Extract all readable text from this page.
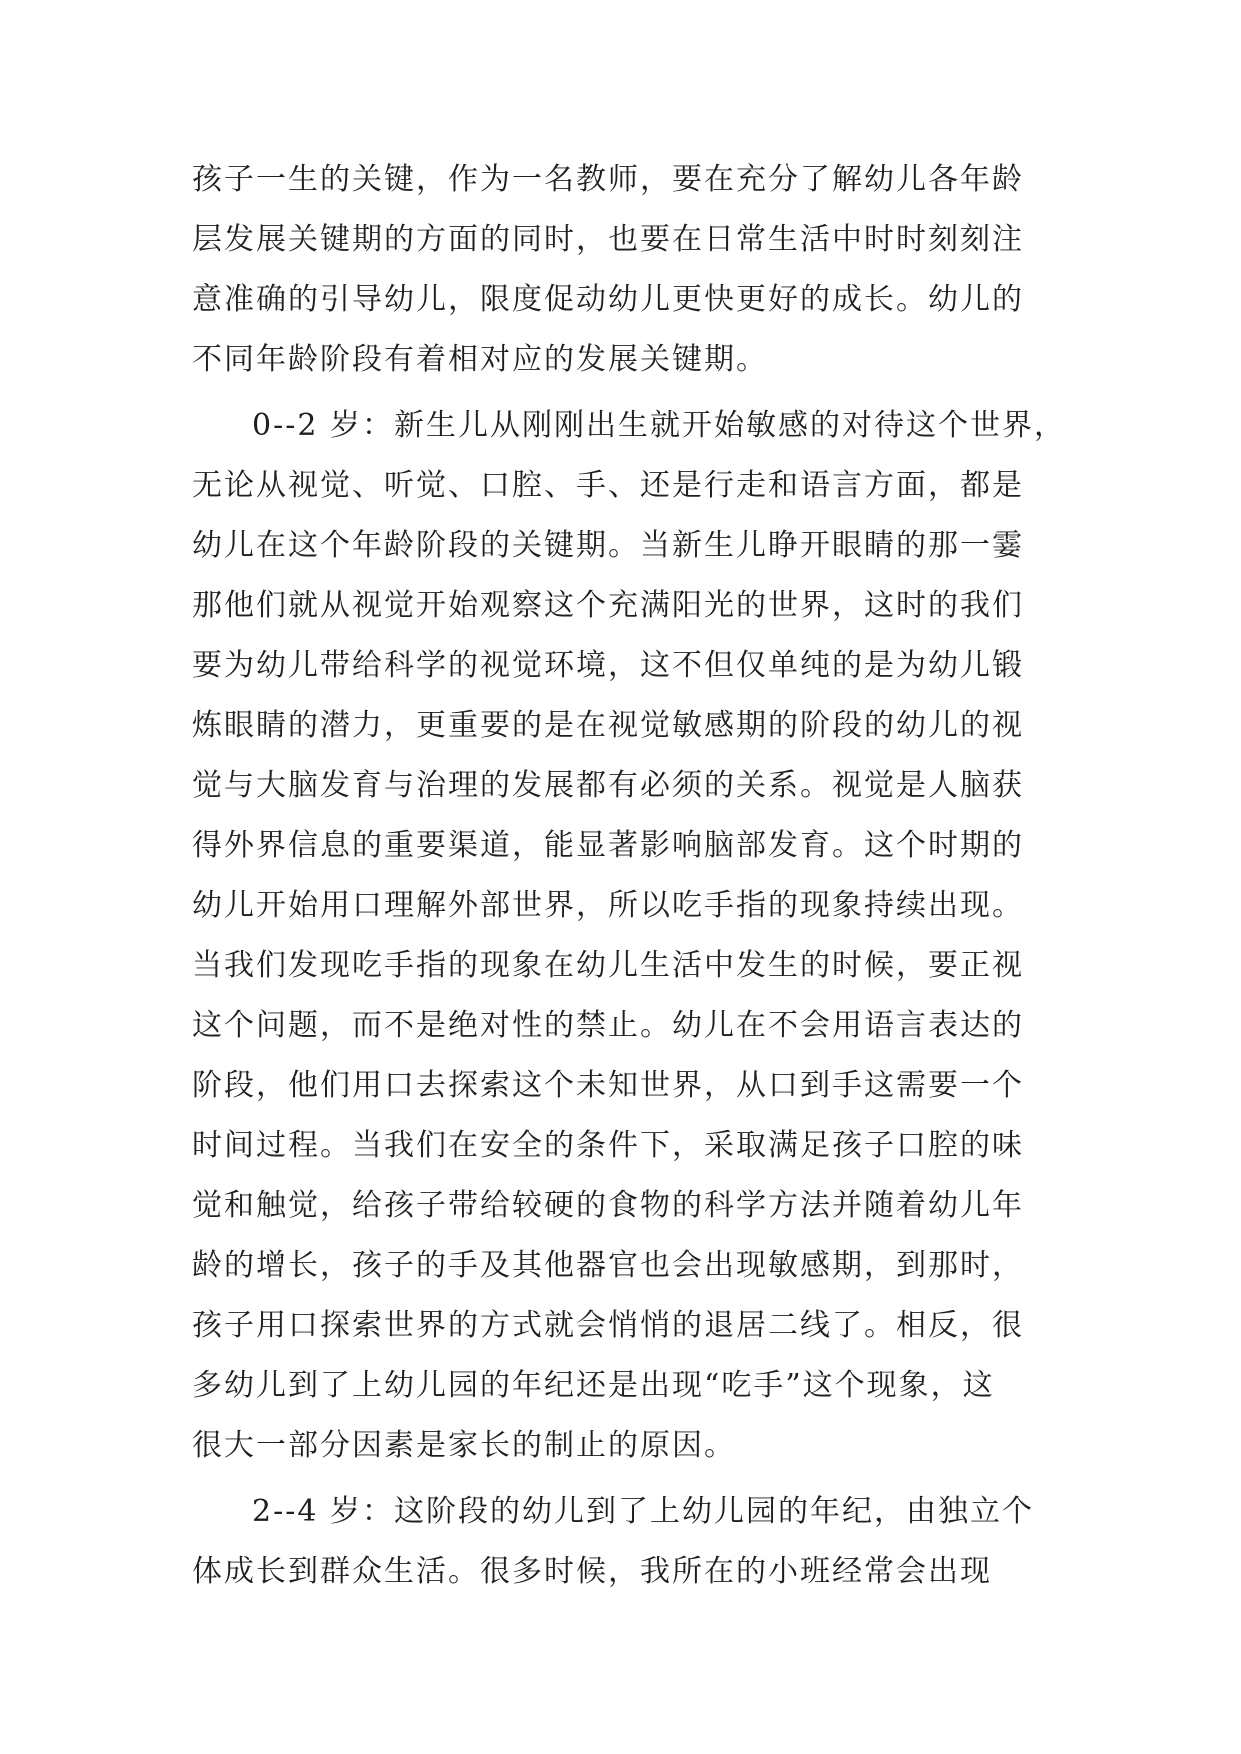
孩子一生的关键，作为一名教师，要在充分了解幼儿各年龄
层发展关键期的方面的同时，也要在日常生活中时时刻刻注
意准确的引导幼儿，限度促动幼儿更快更好的成长。幼儿的
不同年龄阶段有着相对应的发展关键期。
0--2 岁：新生儿从刚刚出生就开始敏感的对待这个世界，
无论从视觉、听觉、口腔、手、还是行走和语言方面，都是
幼儿在这个年龄阶段的关键期。当新生儿睁开眼睛的那一霎
那他们就从视觉开始观察这个充满阳光的世界，这时的我们
要为幼儿带给科学的视觉环境，这不但仅单纯的是为幼儿锻
炼眼睛的潜力，更重要的是在视觉敏感期的阶段的幼儿的视
觉与大脑发育与治理的发展都有必须的关系。视觉是人脑获
得外界信息的重要渠道，能显著影响脑部发育。这个时期的
幼儿开始用口理解外部世界，所以吃手指的现象持续出现。
当我们发现吃手指的现象在幼儿生活中发生的时候，要正视
这个问题，而不是绝对性的禁止。幼儿在不会用语言表达的
阶段，他们用口去探索这个未知世界，从口到手这需要一个
时间过程。当我们在安全的条件下，采取满足孩子口腔的味
觉和触觉，给孩子带给较硬的食物的科学方法并随着幼儿年
龄的增长，孩子的手及其他器官也会出现敏感期，到那时，
孩子用口探索世界的方式就会悄悄的退居二线了。相反，很
多幼儿到了上幼儿园的年纪还是出现“吃手”这个现象，这
很大一部分因素是家长的制止的原因。
2--4 岁：这阶段的幼儿到了上幼儿园的年纪，由独立个
体成长到群众生活。很多时候，我所在的小班经常会出现
